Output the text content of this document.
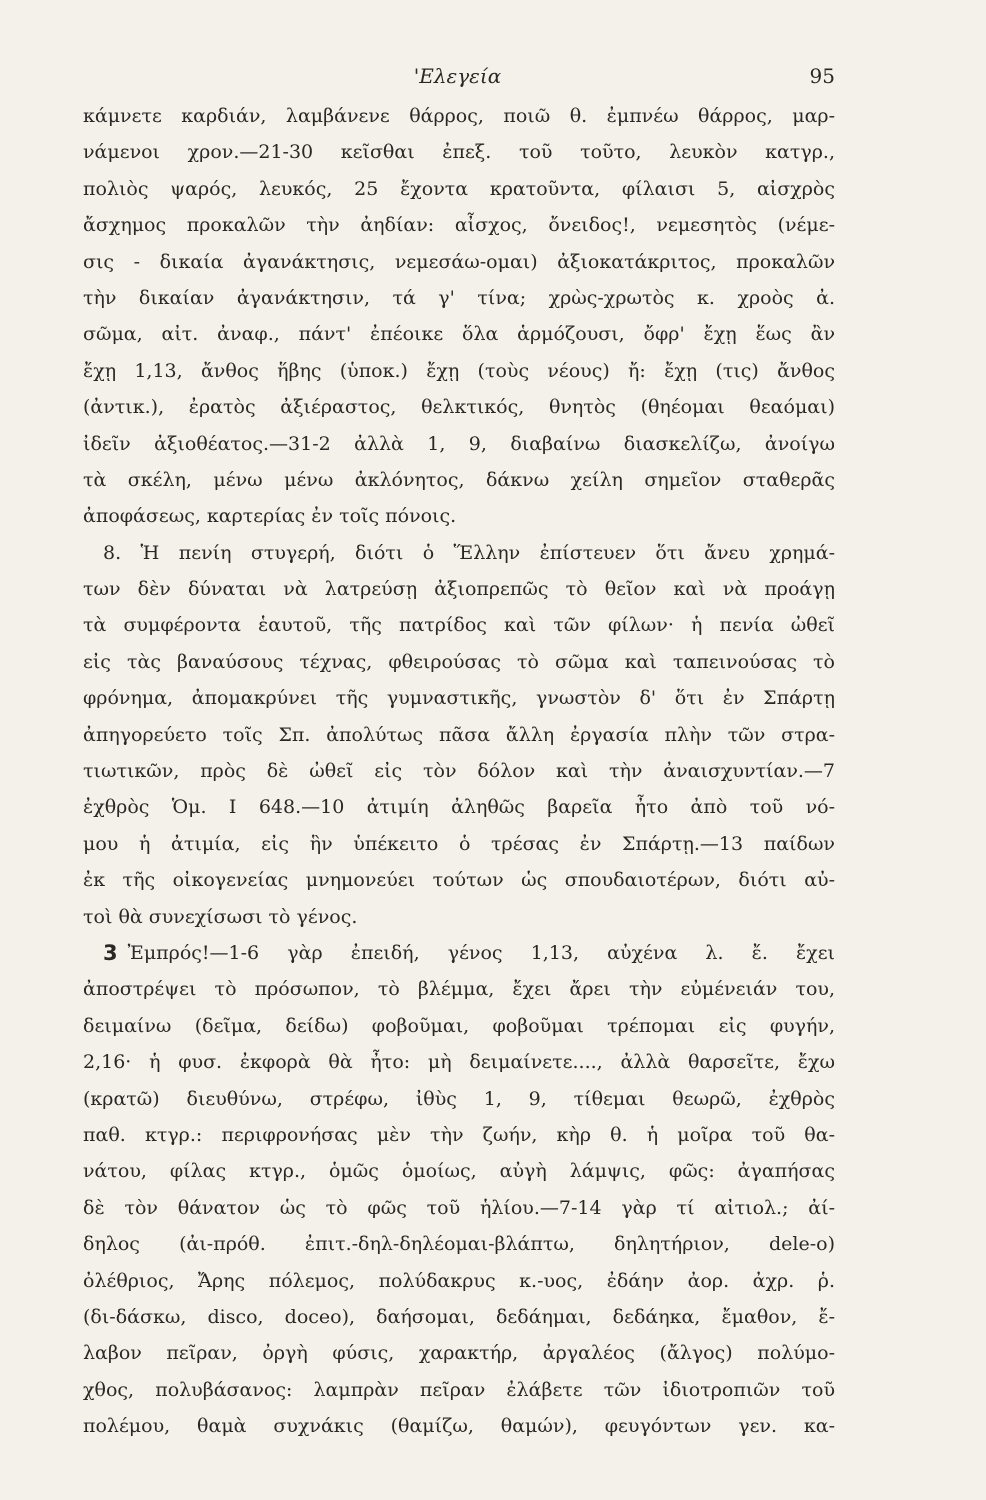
'Ελεγεία	95
κάμνετε καρδιάν, λαμβάνενε θάρρος, ποιῶ θ. ἐμπνέω θάρρος, μαρ-
νάμενοι χρον.—21-30 κεῖσθαι ἐπεξ. τοῦ τοῦτο, λευκὸν κατγρ.,
πολιὸς ψαρός, λευκός, 25 ἔχοντα κρατοῦντα, φίλαισι 5, αἰσχρὸς
ἄσχημος προκαλῶν τὴν ἀηδίαν: αἶσχος, ὄνειδος!, νεμεσητὸς (νέμε-
σις - δικαία ἀγανάκτησις, νεμεσάω-ομαι) ἀξιοκατάκριτος, προκαλῶν
τὴν δικαίαν ἀγανάκτησιν, τά γ' τίνα; χρὼς-χρωτὸς κ. χροὸς ἀ.
σῶμα, αἰτ. ἀναφ., πάντ' ἐπέοικε ὅλα ἁρμόζουσι, ὄφρ' ἔχῃ ἕως ἂν
ἔχῃ 1,13, ἄνθος ἥβης (ὑποκ.) ἔχῃ (τοὺς νέους) ἤ: ἔχῃ (τις) ἄνθος
(ἀντικ.), ἐρατὸς ἀξιέραστος, θελκτικός, θνητὸς (θηέομαι θεαόμαι)
ἰδεῖν ἀξιοθέατος.—31-2 ἀλλὰ 1, 9, διαβαίνω διασκελίζω, ἀνοίγω
τὰ σκέλη, μένω μένω ἀκλόνητος, δάκνω χείλη σημεῖον σταθερᾶς
ἀποφάσεως, καρτερίας ἐν τοῖς πόνοις.
8. Ἡ πενίη στυγερή, διότι ὁ Ἕλλην ἐπίστευεν ὅτι ἄνευ χρημά-
των δὲν δύναται νὰ λατρεύσῃ ἀξιοπρεπῶς τὸ θεῖον καὶ νὰ προάγῃ
τὰ συμφέροντα ἑαυτοῦ, τῆς πατρίδος καὶ τῶν φίλων· ἡ πενία ὠθεῖ
εἰς τὰς βαναύσους τέχνας, φθειρούσας τὸ σῶμα καὶ ταπεινούσας τὸ
φρόνημα, ἀπομακρύνει τῆς γυμναστικῆς, γνωστὸν δ' ὅτι ἐν Σπάρτῃ
ἀπηγορεύετο τοῖς Σπ. ἀπολύτως πᾶσα ἄλλη ἐργασία πλὴν τῶν στρα-
τιωτικῶν, πρὸς δὲ ὠθεῖ εἰς τὸν δόλον καὶ τὴν ἀναισχυντίαν.—7
ἐχθρὸς Ὁμ. Ι 648.—10 ἀτιμίη ἀληθῶς βαρεῖα ἦτο ἀπὸ τοῦ νό-
μου ἡ ἀτιμία, εἰς ἣν ὑπέκειτο ὁ τρέσας ἐν Σπάρτῃ.—13 παίδων
ἐκ τῆς οἰκογενείας μνημονεύει τούτων ὡς σπουδαιοτέρων, διότι αὐ-
τοὶ θὰ συνεχίσωσι τὸ γένος.
3 Ἐμπρός!—1-6 γὰρ ἐπειδή, γένος 1,13, αὐχένα λ. ἔ. ἔχει
ἀποστρέψει τὸ πρόσωπον, τὸ βλέμμα, ἔχει ἄρει τὴν εὐμένειάν του,
δειμαίνω (δεῖμα, δείδω) φοβοῦμαι, φοβοῦμαι τρέπομαι εἰς φυγήν,
2,16· ἡ φυσ. ἐκφορὰ θὰ ἦτο: μὴ δειμαίνετε...., ἀλλὰ θαρσεῖτε, ἔχω
(κρατῶ) διευθύνω, στρέφω, ἰθὺς 1, 9, τίθεμαι θεωρῶ, ἐχθρὸς
παθ. κτγρ.: περιφρονήσας μὲν τὴν ζωήν, κὴρ θ. ἡ μοῖρα τοῦ θα-
νάτου, φίλας κτγρ., ὁμῶς ὁμοίως, αὐγὴ λάμψις, φῶς: ἀγαπήσας
δὲ τὸν θάνατον ὡς τὸ φῶς τοῦ ἡλίου.—7-14 γὰρ τί αἰτιολ.; ἀί-
δηλος (ἀι-πρόθ. ἐπιτ.-δηλ-δηλέομαι-βλάπτω, δηλητήριον, dele-o)
ὀλέθριος, Ἄρης πόλεμος, πολύδακρυς κ.-υος, ἐδάην ἀορ. ἀχρ. ῥ.
(δι-δάσκω, disco, doceo), δαήσομαι, δεδάημαι, δεδάηκα, ἔμαθον, ἔ-
λαβον πεῖραν, ὀργὴ φύσις, χαρακτήρ, ἀργαλέος (ἄλγος) πολύμο-
χθος, πολυβάσανος: λαμπρὰν πεῖραν ἐλάβετε τῶν ἰδιοτροπιῶν τοῦ
πολέμου, θαμὰ συχνάκις (θαμίζω, θαμών), φευγόντων γεν. κα-
